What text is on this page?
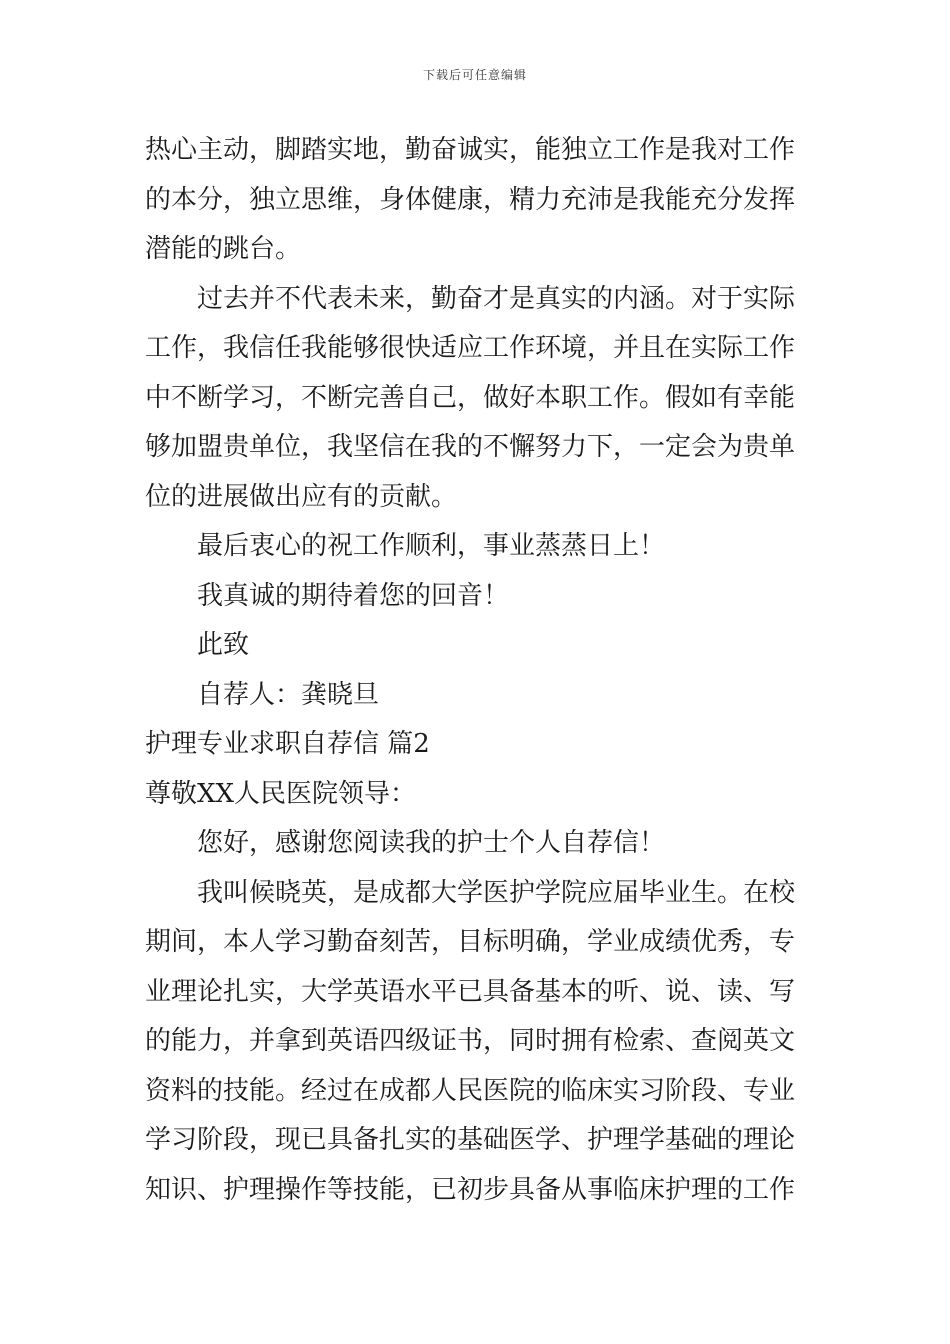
下载后可任意编辑
热心主动，脚踏实地，勤奋诚实，能独立工作是我对工作
的本分，独立思维，身体健康，精力充沛是我能充分发挥
潜能的跳台。
过去并不代表未来，勤奋才是真实的内涵。对于实际
工作，我信任我能够很快适应工作环境，并且在实际工作
中不断学习，不断完善自己，做好本职工作。假如有幸能
够加盟贵单位，我坚信在我的不懈努力下，一定会为贵单
位的进展做出应有的贡献。
最后衷心的祝工作顺利，事业蒸蒸日上！
我真诚的期待着您的回音！
此致
自荐人：龚晓旦
护理专业求职自荐信 篇2
尊敬XX人民医院领导：
您好，感谢您阅读我的护士个人自荐信！
我叫候晓英，是成都大学医护学院应届毕业生。在校
期间，本人学习勤奋刻苦，目标明确，学业成绩优秀，专
业理论扎实，大学英语水平已具备基本的听、说、读、写
的能力，并拿到英语四级证书，同时拥有检索、查阅英文
资料的技能。经过在成都人民医院的临床实习阶段、专业
学习阶段，现已具备扎实的基础医学、护理学基础的理论
知识、护理操作等技能，已初步具备从事临床护理的工作
